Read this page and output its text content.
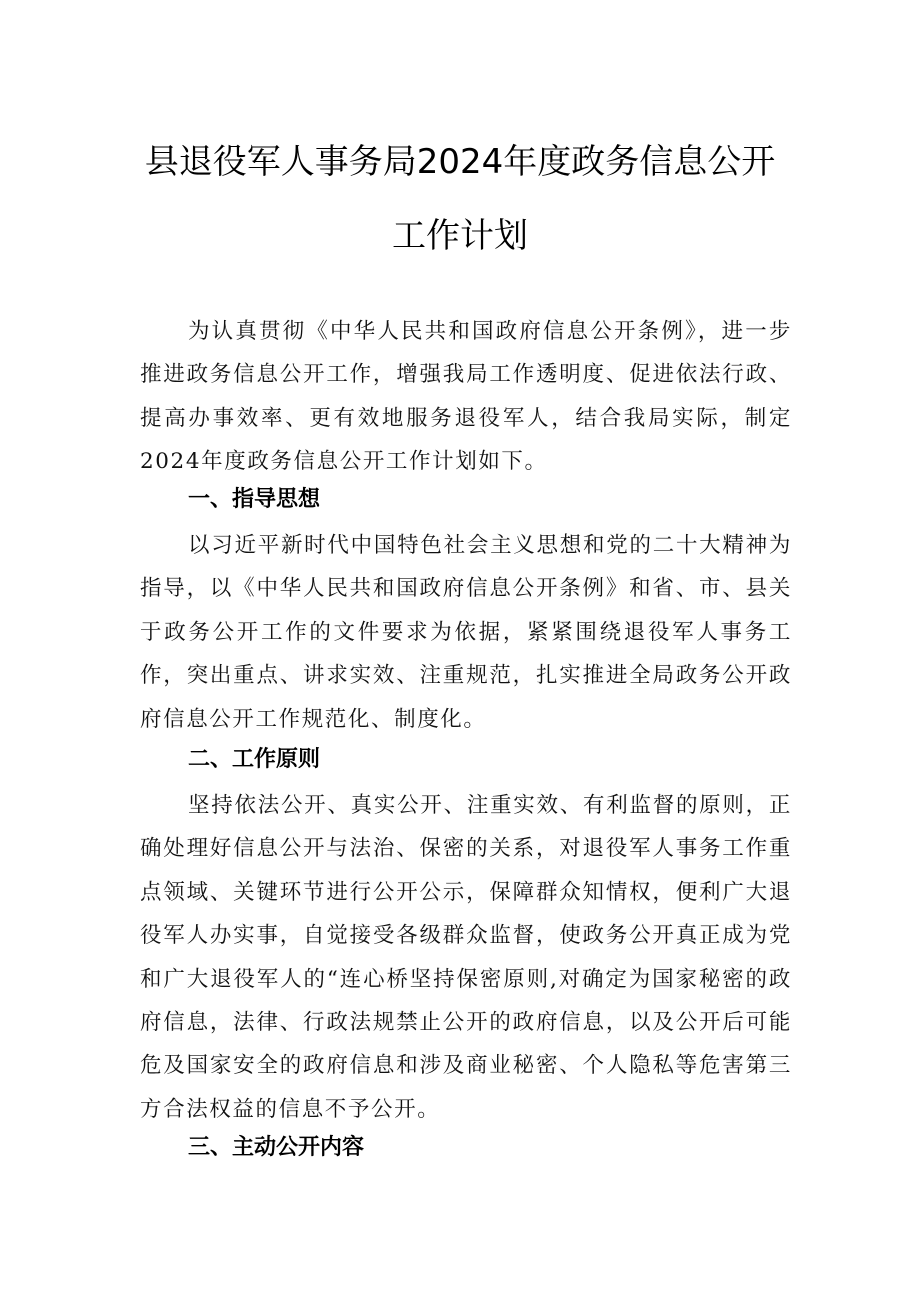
县退役军人事务局2024年度政务信息公开
工作计划

为认真贯彻《中华人民共和国政府信息公开条例》，进一步推进政务信息公开工作，增强我局工作透明度、促进依法行政、提高办事效率、更有效地服务退役军人，结合我局实际，制定2024年度政务信息公开工作计划如下。

一、指导思想

以习近平新时代中国特色社会主义思想和党的二十大精神为指导，以《中华人民共和国政府信息公开条例》和省、市、县关于政务公开工作的文件要求为依据，紧紧围绕退役军人事务工作，突出重点、讲求实效、注重规范，扎实推进全局政务公开政府信息公开工作规范化、制度化。

二、工作原则

坚持依法公开、真实公开、注重实效、有利监督的原则，正确处理好信息公开与法治、保密的关系，对退役军人事务工作重点领域、关键环节进行公开公示，保障群众知情权，便利广大退役军人办实事，自觉接受各级群众监督，使政务公开真正成为党和广大退役军人的“连心桥坚持保密原则,对确定为国家秘密的政府信息，法律、行政法规禁止公开的政府信息，以及公开后可能危及国家安全的政府信息和涉及商业秘密、个人隐私等危害第三方合法权益的信息不予公开。

三、主动公开内容
